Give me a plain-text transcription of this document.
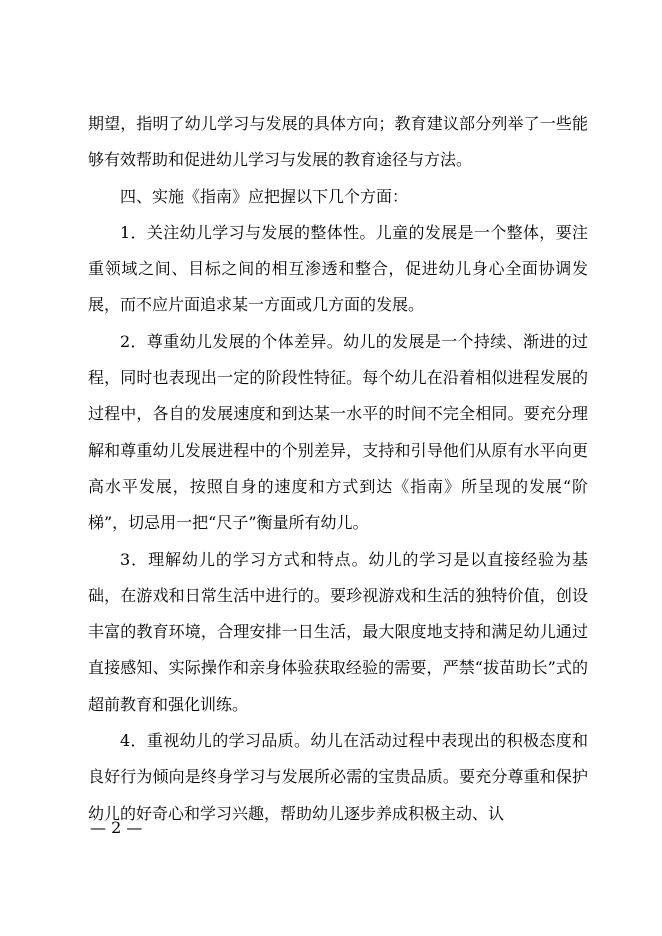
期望，指明了幼儿学习与发展的具体方向；教育建议部分列举了一些能够有效帮助和促进幼儿学习与发展的教育途径与方法。

四、实施《指南》应把握以下几个方面：

1．关注幼儿学习与发展的整体性。儿童的发展是一个整体，要注重领域之间、目标之间的相互渗透和整合，促进幼儿身心全面协调发展，而不应片面追求某一方面或几方面的发展。

2．尊重幼儿发展的个体差异。幼儿的发展是一个持续、渐进的过程，同时也表现出一定的阶段性特征。每个幼儿在沿着相似进程发展的过程中，各自的发展速度和到达某一水平的时间不完全相同。要充分理解和尊重幼儿发展进程中的个别差异，支持和引导他们从原有水平向更高水平发展，按照自身的速度和方式到达《指南》所呈现的发展“阶梯”，切忌用一把“尺子”衡量所有幼儿。

3．理解幼儿的学习方式和特点。幼儿的学习是以直接经验为基础，在游戏和日常生活中进行的。要珍视游戏和生活的独特价值，创设丰富的教育环境，合理安排一日生活，最大限度地支持和满足幼儿通过直接感知、实际操作和亲身体验获取经验的需要，严禁“拔苗助长”式的超前教育和强化训练。

4．重视幼儿的学习品质。幼儿在活动过程中表现出的积极态度和良好行为倾向是终身学习与发展所必需的宝贵品质。要充分尊重和保护幼儿的好奇心和学习兴趣，帮助幼儿逐步养成积极主动、认

— 2 —
